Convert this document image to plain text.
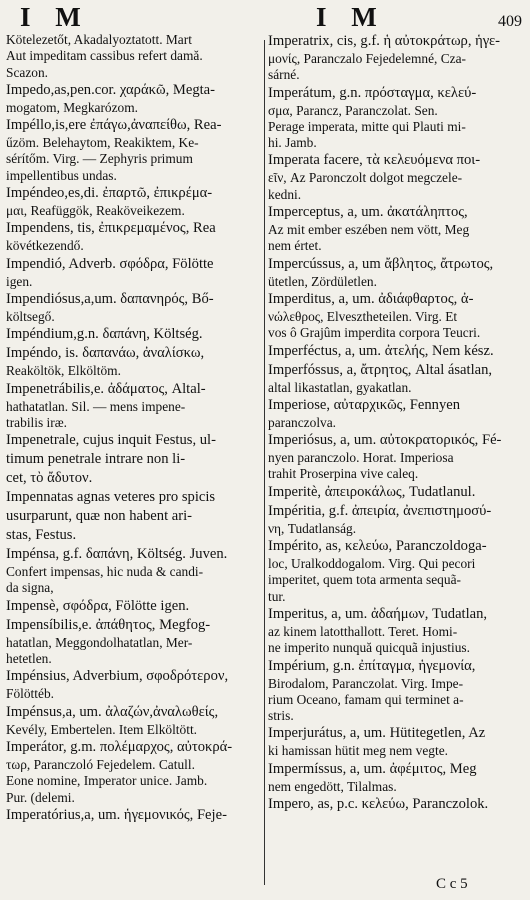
I M	I M	409

Kötelezetőt, Akadalyoztatott. Mart

Aut impeditam cassibus refert damă.

Scazon.

Impedo,as,pen.cor. χαράκῶ, Megta-

mogatom, Megkarózom.

Impéllo,is,ere ἐπάγω,ἀναπείθω, Rea-

űzöm. Belehaytom, Reakiktem, Ke-

sérítőm. Virg. — Zephyris primum

impellentibus undas.

Impéndeo,es,di. ἐπαρτῶ, ἐπικρέμα-

μαι, Reafüggök, Reaköveikezem.

Impendens, tis, ἐπικρεμαμένος, Rea

kövétkezendő.

Impendió, Adverb. σφόδρα, Fölötte

igen.

Impendiósus,a,um. δαπανηρός, Bő-

költsegő.

Impéndium,g.n. δαπάνη, Költség.

Impéndo, is. δαπανάω, ἀναλίσκω,

Reaköltök, Elköltöm.

Impenetrábilis,e. ἀδάματος, Altal-

hathatatlan. Sil. — mens impene-

trabilis iræ.

Impenetrale, cujus inquit Festus, ul-

timum penetrale intrare non li-

cet, τὸ ἄδυτον.

Impennatas agnas veteres pro spicis

usurparunt, quæ non habent ari-

stas, Festus.

Impénsa, g.f. δαπάνη, Költség. Juven.

Confert impensas, hic nuda & candi-

da signa,

Impensè, σφόδρα, Fölötte igen.

Impensíbilis,e. ἀπάθητος, Megfog-

hatatlan, Meggondolhatatlan, Mer-

hetetlen.

Impénsius, Adverbium, σφοδρότερον,

Fölöttéb.

Impénsus,a, um. ἀλαζών,ἀναλωθείς,

Kevély, Embertelen. Item Elköltött.

Imperátor, g.m. πολέμαρχος, αὐτοκρά-

τωρ, Paranczoló Fejedelem. Catull.

Eone nomine, Imperator unice. Jamb.

Pur. (delemi.

Imperatórius,a, um. ἡγεμονικός, Feje-

Imperatrix, cis, g.f. ἡ αὐτοκράτωρ, ἡγε-

μονίς, Paranczalo Fejedelemné, Cza-

sárné.

Imperátum, g.n. πρόσταγμα, κελεύ-

σμα, Parancz, Paranczolat. Sen.

Perage imperata, mitte qui Plauti mi-

hi. Jamb.

Imperata facere, τὰ κελευόμενα ποι-

εῖν, Az Paronczolt dolgot megczele-

kedni.

Imperceptus, a, um. ἀκατάληπτος,

Az mit ember eszében nem vött, Meg

nem értet.

Impercússus, a, um ἄβλητος, ἄτρωτος,

ütetlen, Zördületlen.

Imperditus, a, um. ἀδιάφθαρτος, ἀ-

νώλεθρος, Elvesztheteilen. Virg. Et

vos ô Grajûm imperdita corpora Teucri.

Imperféctus, a, um. ἀτελής, Nem kész.

Imperfóssus, a, ἄτρητος, Altal ásatlan,

altal likastatlan, gyakatlan.

Imperiose, αὐταρχικῶς, Fennyen

paranczolva.

Imperiósus, a, um. αὐτοκρατορικός, Fé-

nyen paranczolo. Horat. Imperiosa

trahit Proserpina vive caleq.

Imperitè, ἀπειροκάλως, Tudatlanul.

Impéritia, g.f. ἀπειρία, ἀνεπιστημοσύ-

νη, Tudatlanság.

Impérito, as, κελεύω, Paranczoldoga-

loc, Uralkoddogalom. Virg. Qui pecori

imperitet, quem tota armenta sequã-

tur.

Imperitus, a, um. ἀδαήμων, Tudatlan,

az kinem latotthallott. Teret. Homi-

ne imperito nunquă quicquã injustius.

Impérium, g.n. ἐπίταγμα, ἡγεμονία,

Birodalom, Paranczolat. Virg. Impe-

rium Oceano, famam qui terminet a-

stris.

Imperjurátus, a, um. Hütitegetlen, Az

ki hamissan hütit meg nem vegte.

Impermíssus, a, um. ἀφέμιτος, Meg

nem engedött, Tilalmas.

Impero, as, p.c. κελεύω, Paranczolok.

C c 5
